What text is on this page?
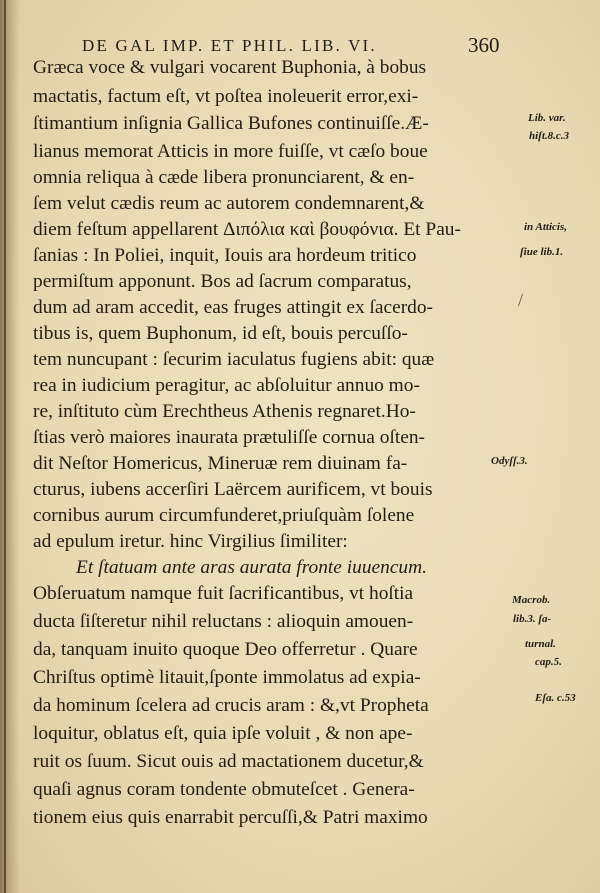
DE GAL IMP. ET PHIL. LIB. VI.	360
Græca voce & vulgari vocarent Buphonia, à bobus
mactatis, factum eſt, vt poſtea inoleuerit error,exi-
ſtimantium inſignia Gallica Bufones continuiſſe.Æ-
lianus memorat Atticis in more fuiſſe, vt cæſo boue
omnia reliqua à cæde libera pronunciarent, & en-
ſem velut cædis reum ac autorem condemnarent,&
diem feſtum appellarent Διπόλια καὶ βουφόνια. Et Pau-
ſanias : In Poliei, inquit, Iouis ara hordeum tritico
permiſtum apponunt. Bos ad ſacrum comparatus,
dum ad aram accedit, eas fruges attingit ex ſacerdo-
tibus is, quem Buphonum, id eſt, bouis percuſſo-
tem nuncupant : ſecurim iaculatus fugiens abit: quæ
rea in iudicium peragitur, ac abſoluitur annuo mo-
re, inſtituto cùm Erechtheus Athenis regnaret.Ho-
ſtias verò maiores inaurata prætuliſſe cornua oſten-
dit Neſtor Homericus, Mineruæ rem diuinam fa-
cturus, iubens accerſiri Laërcem aurificem, vt bouis
cornibus aurum circumfunderet,priuſquàm ſolene
ad epulum iretur. hinc Virgilius ſimiliter:
Et ſtatuam ante aras aurata fronte iuuencum.
Obſeruatum namque fuit ſacrificantibus, vt hoſtia
ducta ſiſteretur nihil reluctans : alioquin amouen-
da, tanquam inuito quoque Deo offerretur . Quare
Chriſtus optimè litauit,ſponte immolatus ad expia-
da hominum ſcelera ad crucis aram : &,vt Propheta
loquitur, oblatus eſt, quia ipſe voluit , & non ape-
ruit os ſuum. Sicut ouis ad mactationem ducetur,&
quaſi agnus coram tondente obmuteſcet . Genera-
tionem eius quis enarrabit percuſſi,& Patri maximo
Lib. var.
hiſt.8.c.3
in Atticis,
ſiue lib.1.
Odyſſ.3.
Macrob.
lib.3. ſa-
turnal.
cap.5.
Eſa. c.53
/
